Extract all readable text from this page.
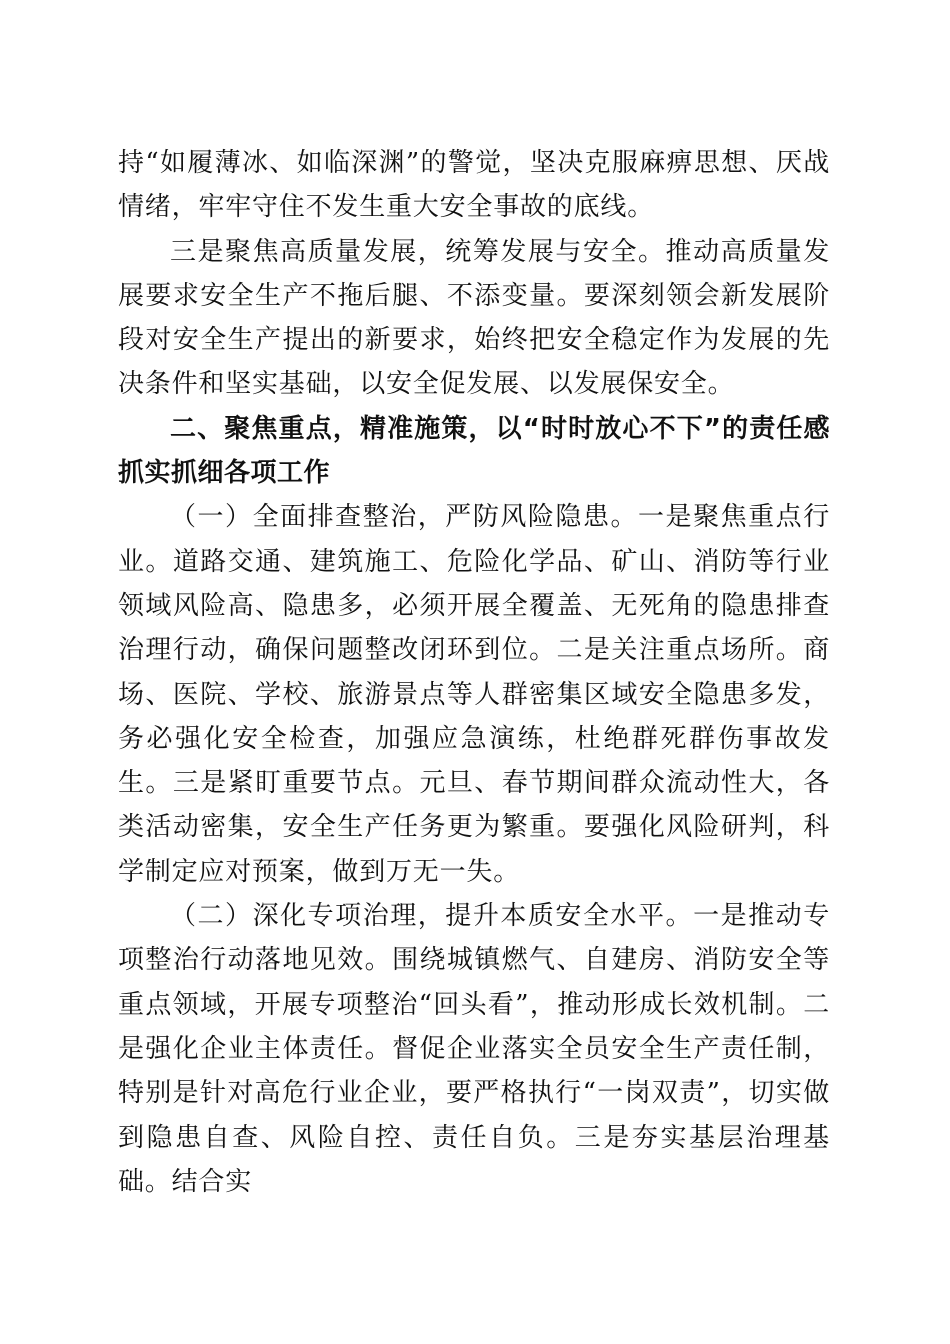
持“如履薄冰、如临深渊”的警觉，坚决克服麻痹思想、厌战情绪，牢牢守住不发生重大安全事故的底线。

三是聚焦高质量发展，统筹发展与安全。推动高质量发展要求安全生产不拖后腿、不添变量。要深刻领会新发展阶段对安全生产提出的新要求，始终把安全稳定作为发展的先决条件和坚实基础，以安全促发展、以发展保安全。

二、聚焦重点，精准施策，以“时时放心不下”的责任感抓实抓细各项工作

（一）全面排查整治，严防风险隐患。一是聚焦重点行业。道路交通、建筑施工、危险化学品、矿山、消防等行业领域风险高、隐患多，必须开展全覆盖、无死角的隐患排查治理行动，确保问题整改闭环到位。二是关注重点场所。商场、医院、学校、旅游景点等人群密集区域安全隐患多发，务必强化安全检查，加强应急演练，杜绝群死群伤事故发生。三是紧盯重要节点。元旦、春节期间群众流动性大，各类活动密集，安全生产任务更为繁重。要强化风险研判，科学制定应对预案，做到万无一失。

（二）深化专项治理，提升本质安全水平。一是推动专项整治行动落地见效。围绕城镇燃气、自建房、消防安全等重点领域，开展专项整治“回头看”，推动形成长效机制。二是强化企业主体责任。督促企业落实全员安全生产责任制，特别是针对高危行业企业，要严格执行“一岗双责”，切实做到隐患自查、风险自控、责任自负。三是夯实基层治理基础。结合实
